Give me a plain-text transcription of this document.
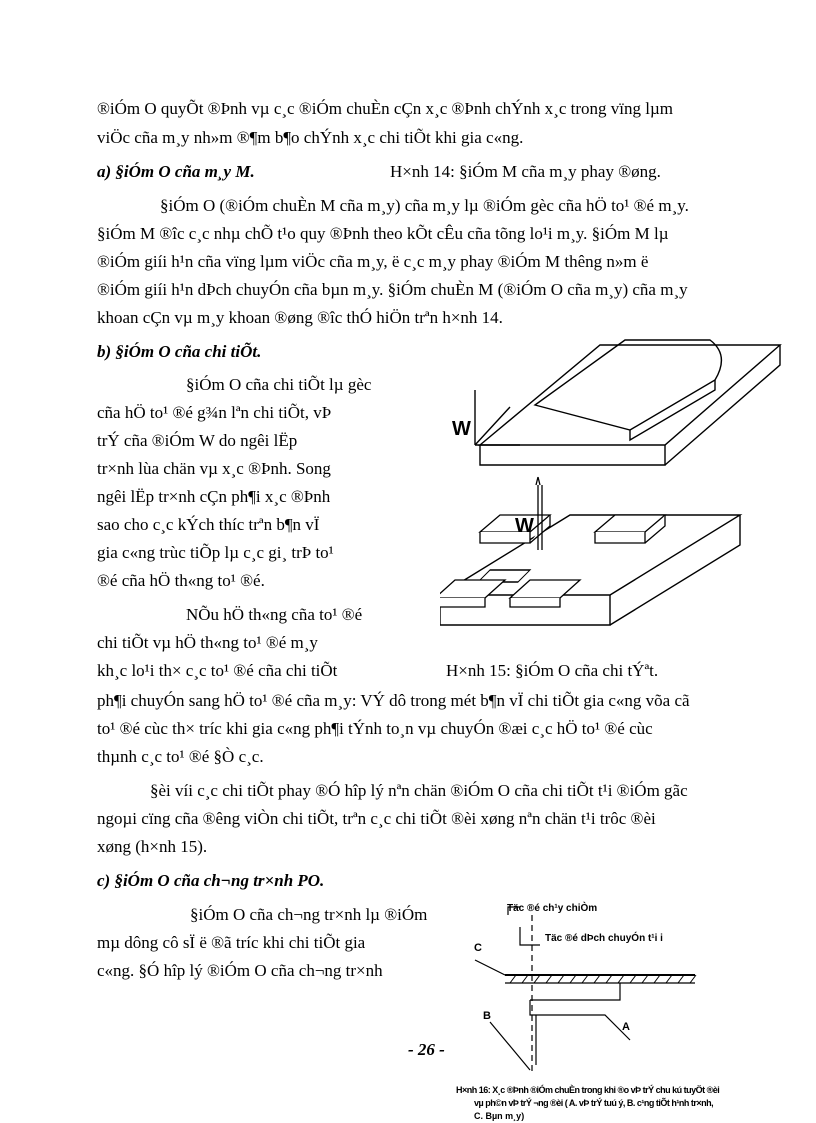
®iÓm O quyÕt ®Þnh vµ c¸c ®iÓm chuÈn cÇn x¸c ®Þnh chÝnh x¸c trong vïng lµm
viÖc cña m¸y nh»m ®¶m b¶o chÝnh x¸c chi tiÕt khi gia c«ng.
a) §iÓm O cña m¸y M.	H×nh 14: §iÓm M cña m¸y phay ®øng.
§iÓm O (®iÓm chuÈn M cña m¸y) cña m¸y lµ ®iÓm gèc cña hÖ to¹ ®é m¸y.
§iÓm M ®îc c¸c nhµ chÕ t¹o quy ®Þnh theo kÕt cÊu cña tõng lo¹i m¸y. §iÓm M lµ
®iÓm giíi h¹n cña vïng lµm viÖc cña m¸y, ë c¸c m¸y phay ®iÓm M thêng n»m ë
®iÓm giíi h¹n dÞch chuyÓn cña bµn m¸y. §iÓm chuÈn M (®iÓm O cña m¸y) cña m¸y
khoan cÇn vµ m¸y khoan ®øng ®îc thÓ hiÖn trªn h×nh 14.
b) §iÓm O cña chi tiÕt.
§iÓm O cña chi tiÕt lµ gèc
cña hÖ to¹ ®é g¾n lªn chi tiÕt, vÞ
trÝ cña ®iÓm W do ngêi lËp
tr×nh lùa chän vµ x¸c ®Þnh. Song
ngêi lËp tr×nh cÇn ph¶i x¸c ®Þnh
sao cho c¸c kÝch thíc trªn b¶n vÏ
gia c«ng trùc tiÕp lµ c¸c gi¸ trÞ to¹
®é cña hÖ th«ng to¹ ®é.
NÕu hÖ th«ng cña to¹ ®é
chi tiÕt vµ hÖ th«ng to¹ ®é m¸y
kh¸c lo¹i th× c¸c to¹ ®é cña chi tiÕt	H×nh 15: §iÓm O cña chi tÝªt.
W
W
ph¶i chuyÓn sang hÖ to¹ ®é cña m¸y: VÝ dô trong mét b¶n vÏ chi tiÕt gia c«ng võa cã
to¹ ®é cùc th× tríc khi gia c«ng ph¶i tÝnh to¸n vµ chuyÓn ®æi c¸c hÖ to¹ ®é cùc
thµnh c¸c to¹ ®é §Ò c¸c.
§èi víi c¸c chi tiÕt phay ®Ó hîp lý nªn chän ®iÓm O cña chi tiÕt t¹i ®iÓm gãc
ngoµi cïng cña ®êng viÒn chi tiÕt, trªn c¸c chi tiÕt ®èi xøng nªn chän t¹i trôc ®èi
xøng (h×nh 15).
c) §iÓm O cña ch¬ng tr×nh PO.
§iÓm O cña ch¬ng tr×nh lµ ®iÓm
mµ dông cô sÏ ë ®ã tríc khi chi tiÕt gia
c«ng. §Ó hîp lý ®iÓm O cña ch¬ng tr×nh
Täc ®é ch¹y chiÒm
Täc ®é dÞch chuyÓn t¹i i
C
B
A
H×nh 16: X¸c ®Þnh ®iÓm chuÈn trong khi ®o vÞ trÝ chu kú tuyÖt ®èi
vµ ph©n vÞ trÝ ¬ng ®èi ( A. vÞ trÝ tuú ý, B. c¹ng tiÕt h¹nh tr×nh,
C. Bµn m¸y)
- 26 -
